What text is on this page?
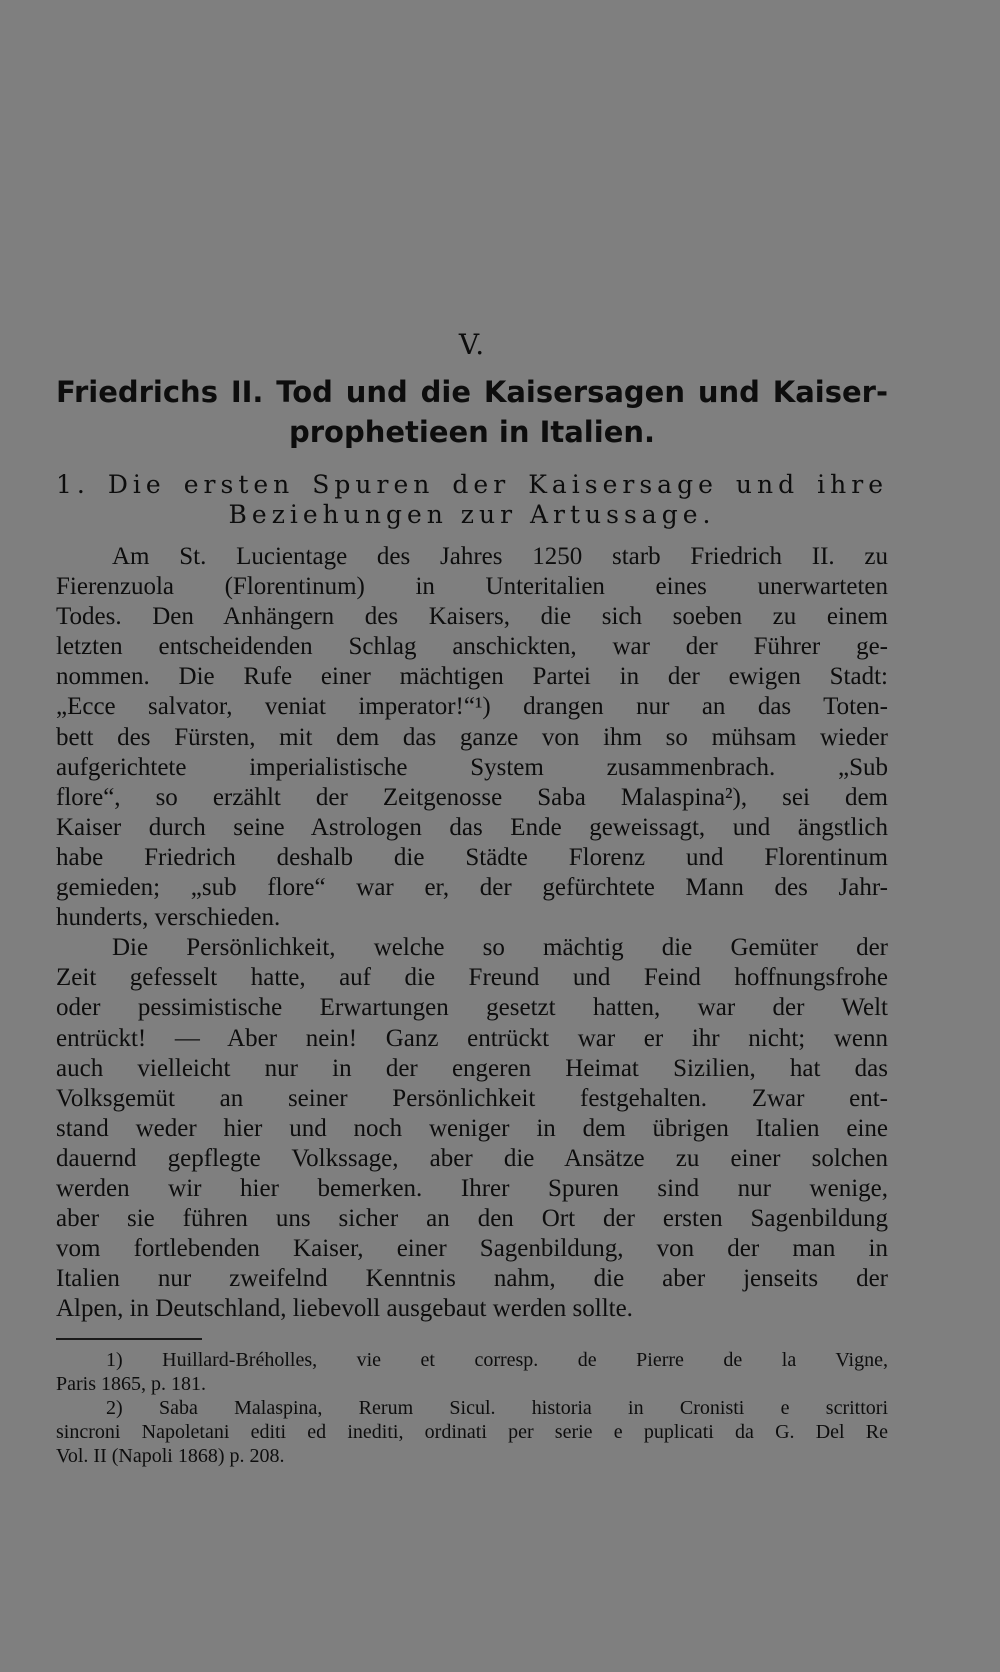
V.
Friedrichs II. Tod und die Kaisersagen und Kaiser-
prophetieen in Italien.
1. Die ersten Spuren der Kaisersage und ihre
Beziehungen zur Artussage.
Am St. Lucientage des Jahres 1250 starb Friedrich II. zu
Fierenzuola (Florentinum) in Unteritalien eines unerwarteten
Todes. Den Anhängern des Kaisers, die sich soeben zu einem
letzten entscheidenden Schlag anschickten, war der Führer ge-
nommen. Die Rufe einer mächtigen Partei in der ewigen Stadt:
„Ecce salvator, veniat imperator!“¹) drangen nur an das Toten-
bett des Fürsten, mit dem das ganze von ihm so mühsam wieder
aufgerichtete imperialistische System zusammenbrach. „Sub
flore“, so erzählt der Zeitgenosse Saba Malaspina²), sei dem
Kaiser durch seine Astrologen das Ende geweissagt, und ängstlich
habe Friedrich deshalb die Städte Florenz und Florentinum
gemieden; „sub flore“ war er, der gefürchtete Mann des Jahr-
hunderts, verschieden.
Die Persönlichkeit, welche so mächtig die Gemüter der
Zeit gefesselt hatte, auf die Freund und Feind hoffnungsfrohe
oder pessimistische Erwartungen gesetzt hatten, war der Welt
entrückt! — Aber nein! Ganz entrückt war er ihr nicht; wenn
auch vielleicht nur in der engeren Heimat Sizilien, hat das
Volksgemüt an seiner Persönlichkeit festgehalten. Zwar ent-
stand weder hier und noch weniger in dem übrigen Italien eine
dauernd gepflegte Volkssage, aber die Ansätze zu einer solchen
werden wir hier bemerken. Ihrer Spuren sind nur wenige,
aber sie führen uns sicher an den Ort der ersten Sagenbildung
vom fortlebenden Kaiser, einer Sagenbildung, von der man in
Italien nur zweifelnd Kenntnis nahm, die aber jenseits der
Alpen, in Deutschland, liebevoll ausgebaut werden sollte.
1) Huillard-Bréholles, vie et corresp. de Pierre de la Vigne,
Paris 1865, p. 181.
2) Saba Malaspina, Rerum Sicul. historia in Cronisti e scrittori
sincroni Napoletani editi ed inediti, ordinati per serie e puplicati da G. Del Re
Vol. II (Napoli 1868) p. 208.
